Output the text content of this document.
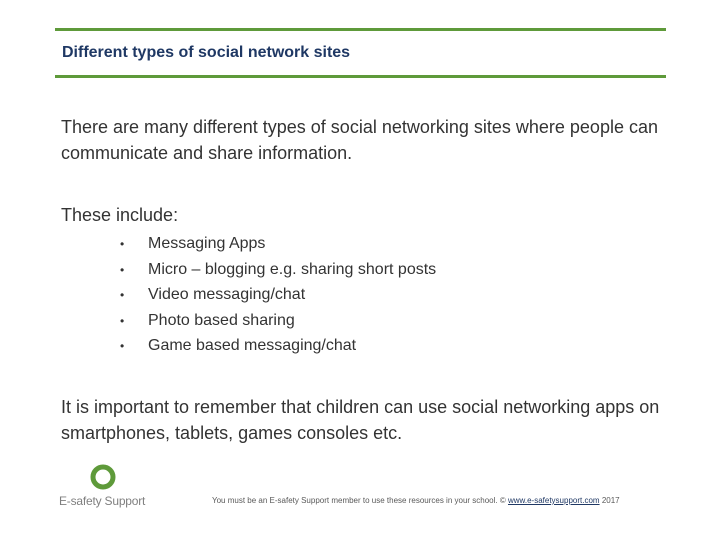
Different types of social network sites
There are many different types of social networking sites where people can communicate and share information.
These include:
• Messaging Apps
• Micro – blogging e.g. sharing short posts
• Video messaging/chat
• Photo based sharing
• Game based messaging/chat
It is important to remember that children can use social networking apps on smartphones, tablets, games consoles etc.
E-safety Support	You must be an E-safety Support member to use these resources in your school. © www.e-safetysupport.com 2017
